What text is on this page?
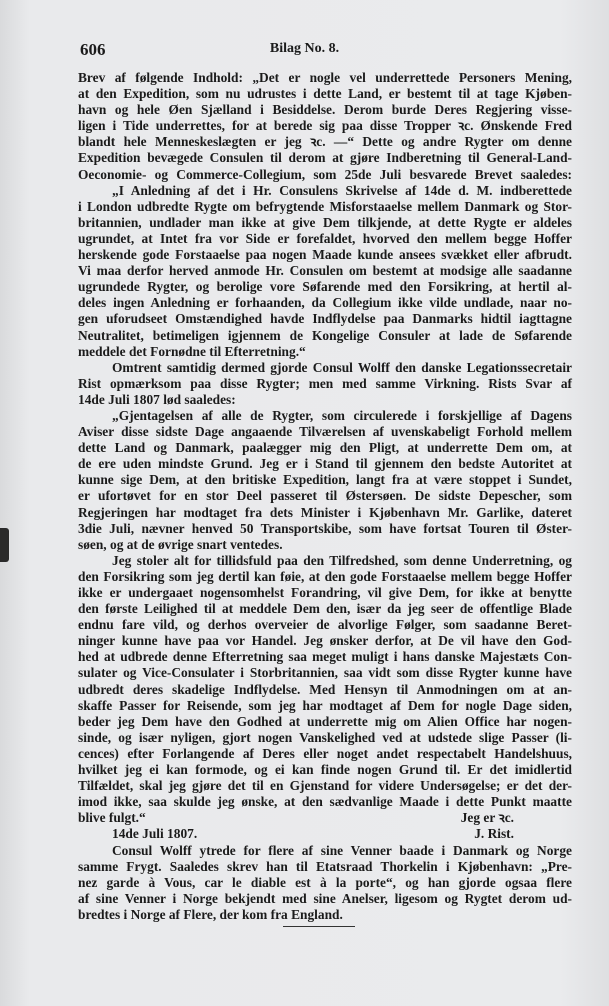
606	Bilag No. 8.
Brev af følgende Indhold: „Det er nogle vel underrettede Personers Mening,
at den Expedition, som nu udrustes i dette Land, er bestemt til at tage Kjøben-
havn og hele Øen Sjælland i Besiddelse. Derom burde Deres Regjering visse-
ligen i Tide underrettes, for at berede sig paa disse Tropper ꝛc. Ønskende Fred
blandt hele Menneskeslægten er jeg ꝛc. —“ Dette og andre Rygter om denne
Expedition bevægede Consulen til derom at gjøre Indberetning til General-Land-
Oeconomie- og Commerce-Collegium, som 25de Juli besvarede Brevet saaledes:
„I Anledning af det i Hr. Consulens Skrivelse af 14de d. M. indberettede
i London udbredte Rygte om befrygtende Misforstaaelse mellem Danmark og Stor-
britannien, undlader man ikke at give Dem tilkjende, at dette Rygte er aldeles
ugrundet, at Intet fra vor Side er forefaldet, hvorved den mellem begge Hoffer
herskende gode Forstaaelse paa nogen Maade kunde ansees svækket eller afbrudt.
Vi maa derfor herved anmode Hr. Consulen om bestemt at modsige alle saadanne
ugrundede Rygter, og berolige vore Søfarende med den Forsikring, at hertil al-
deles ingen Anledning er forhaanden, da Collegium ikke vilde undlade, naar no-
gen uforudseet Omstændighed havde Indflydelse paa Danmarks hidtil iagttagne
Neutralitet, betimeligen igjennem de Kongelige Consuler at lade de Søfarende
meddele det Fornødne til Efterretning.“
Omtrent samtidig dermed gjorde Consul Wolff den danske Legationssecretair
Rist opmærksom paa disse Rygter; men med samme Virkning. Rists Svar af
14de Juli 1807 lød saaledes:
„Gjentagelsen af alle de Rygter, som circulerede i forskjellige af Dagens
Aviser disse sidste Dage angaaende Tilværelsen af uvenskabeligt Forhold mellem
dette Land og Danmark, paalægger mig den Pligt, at underrette Dem om, at
de ere uden mindste Grund. Jeg er i Stand til gjennem den bedste Autoritet at
kunne sige Dem, at den britiske Expedition, langt fra at være stoppet i Sundet,
er ufortøvet for en stor Deel passeret til Østersøen. De sidste Depescher, som
Regjeringen har modtaget fra dets Minister i Kjøbenhavn Mr. Garlike, dateret
3die Juli, nævner henved 50 Transportskibe, som have fortsat Touren til Øster-
søen, og at de øvrige snart ventedes.
Jeg stoler alt for tillidsfuld paa den Tilfredshed, som denne Underretning, og
den Forsikring som jeg dertil kan føie, at den gode Forstaaelse mellem begge Hoffer
ikke er undergaaet nogensomhelst Forandring, vil give Dem, for ikke at benytte
den første Leilighed til at meddele Dem den, især da jeg seer de offentlige Blade
endnu fare vild, og derhos overveier de alvorlige Følger, som saadanne Beret-
ninger kunne have paa vor Handel. Jeg ønsker derfor, at De vil have den God-
hed at udbrede denne Efterretning saa meget muligt i hans danske Majestæts Con-
sulater og Vice-Consulater i Storbritannien, saa vidt som disse Rygter kunne have
udbredt deres skadelige Indflydelse. Med Hensyn til Anmodningen om at an-
skaffe Passer for Reisende, som jeg har modtaget af Dem for nogle Dage siden,
beder jeg Dem have den Godhed at underrette mig om Alien Office har nogen-
sinde, og især nyligen, gjort nogen Vanskelighed ved at udstede slige Passer (li-
cences) efter Forlangende af Deres eller noget andet respectabelt Handelshuus,
hvilket jeg ei kan formode, og ei kan finde nogen Grund til. Er det imidlertid
Tilfældet, skal jeg gjøre det til en Gjenstand for videre Undersøgelse; er det der-
imod ikke, saa skulde jeg ønske, at den sædvanlige Maade i dette Punkt maatte
blive fulgt.“	Jeg er ꝛc.
14de Juli 1807.	J. Rist.
Consul Wolff ytrede for flere af sine Venner baade i Danmark og Norge
samme Frygt. Saaledes skrev han til Etatsraad Thorkelin i Kjøbenhavn: „Pre-
nez garde à Vous, car le diable est à la porte“, og han gjorde ogsaa flere
af sine Venner i Norge bekjendt med sine Anelser, ligesom og Rygtet derom ud-
bredtes i Norge af Flere, der kom fra England.
